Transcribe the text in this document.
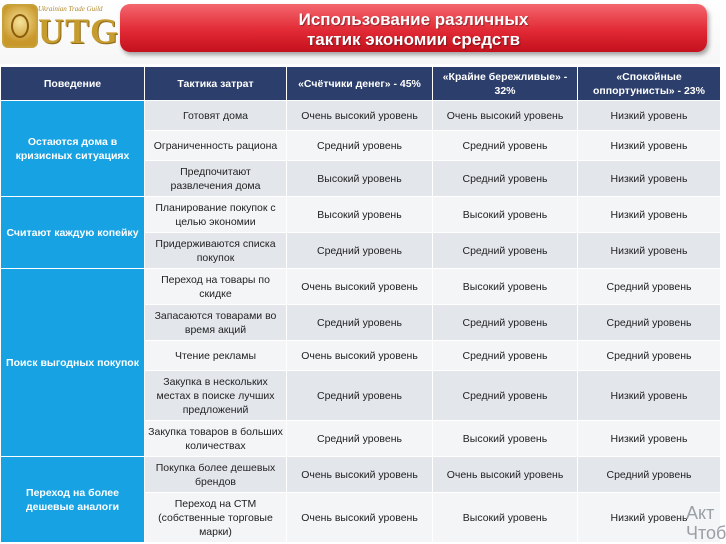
Ukrainian Trade Guild
UTG	Использование различных
тактик экономии средств
Поведение	Тактика затрат	«Счётчики денег» - 45%	«Крайне бережливые» - 32%	«Спокойные оппортунисты» - 23%
Остаются дома в кризисных ситуациях	Готовят дома	Очень высокий уровень	Очень высокий уровень	Низкий уровень
	Ограниченность рациона	Средний уровень	Средний уровень	Низкий уровень
	Предпочитают развлечения дома	Высокий уровень	Средний уровень	Низкий уровень
Считают каждую копейку	Планирование покупок с целью экономии	Высокий уровень	Высокий уровень	Низкий уровень
	Придерживаются списка покупок	Средний уровень	Средний уровень	Низкий уровень
Поиск выгодных покупок	Переход на товары по скидке	Очень высокий уровень	Высокий уровень	Средний уровень
	Запасаются товарами во время акций	Средний уровень	Средний уровень	Средний уровень
	Чтение рекламы	Очень высокий уровень	Средний уровень	Средний уровень
	Закупка в нескольких местах в поиске лучших предложений	Средний уровень	Средний уровень	Низкий уровень
	Закупка товаров в больших количествах	Средний уровень	Высокий уровень	Низкий уровень
Переход на более дешевые аналоги	Покупка более дешевых брендов	Очень высокий уровень	Очень высокий уровень	Средний уровень
	Переход на СТМ (собственные торговые марки)	Очень высокий уровень	Высокий уровень	Низкий уровень
Акт
Чтоб
